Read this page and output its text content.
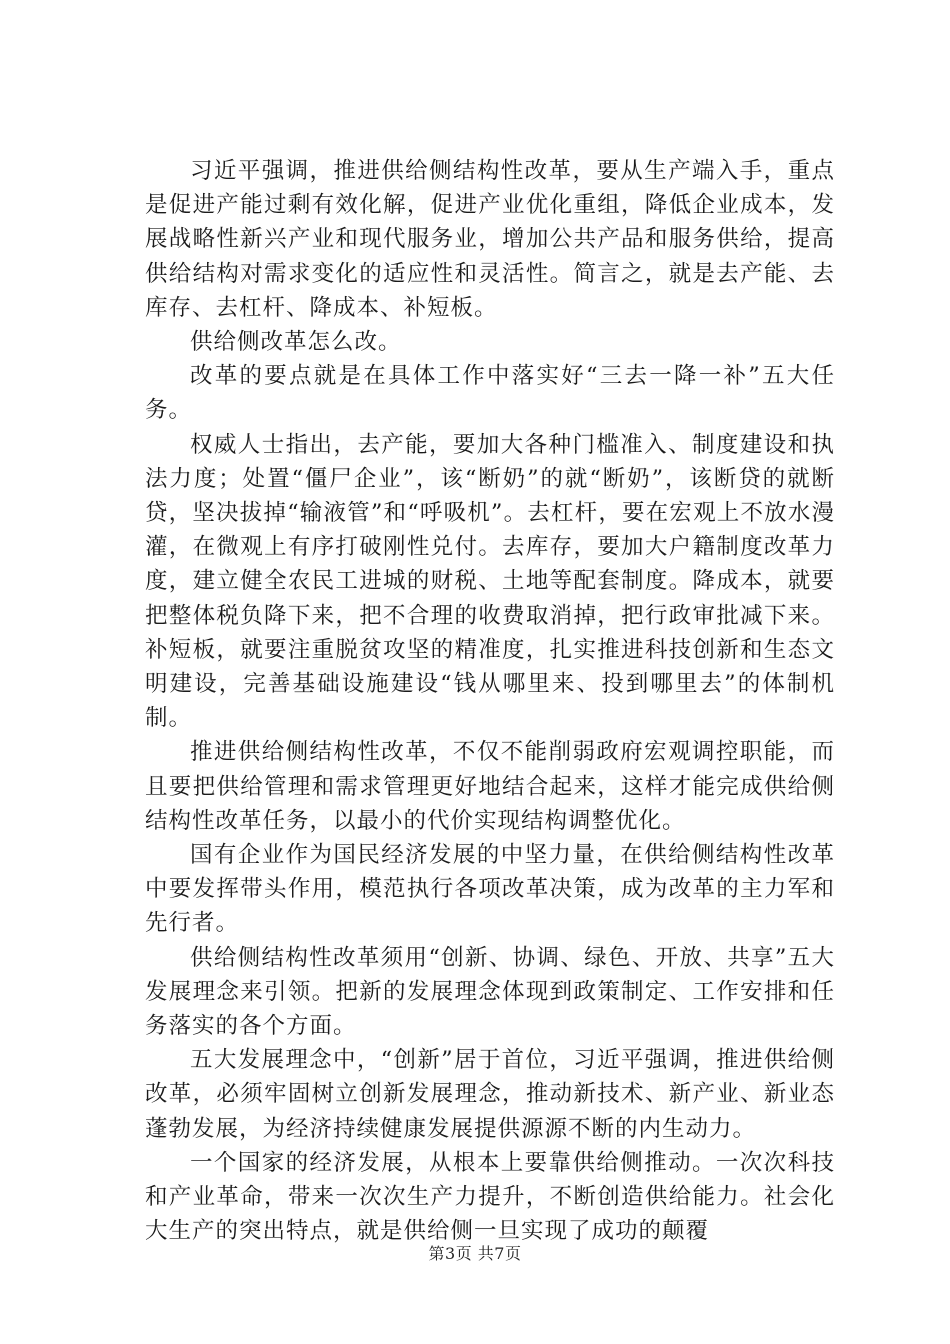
习近平强调，推进供给侧结构性改革，要从生产端入手，重点是促进产能过剩有效化解，促进产业优化重组，降低企业成本，发展战略性新兴产业和现代服务业，增加公共产品和服务供给，提高供给结构对需求变化的适应性和灵活性。简言之，就是去产能、去库存、去杠杆、降成本、补短板。

供给侧改革怎么改。

改革的要点就是在具体工作中落实好“三去一降一补”五大任务。

权威人士指出，去产能，要加大各种门槛准入、制度建设和执法力度；处置“僵尸企业”，该“断奶”的就“断奶”，该断贷的就断贷，坚决拔掉“输液管”和“呼吸机”。去杠杆，要在宏观上不放水漫灌，在微观上有序打破刚性兑付。去库存，要加大户籍制度改革力度，建立健全农民工进城的财税、土地等配套制度。降成本，就要把整体税负降下来，把不合理的收费取消掉，把行政审批减下来。补短板，就要注重脱贫攻坚的精准度，扎实推进科技创新和生态文明建设，完善基础设施建设“钱从哪里来、投到哪里去”的体制机制。

推进供给侧结构性改革，不仅不能削弱政府宏观调控职能，而且要把供给管理和需求管理更好地结合起来，这样才能完成供给侧结构性改革任务，以最小的代价实现结构调整优化。

国有企业作为国民经济发展的中坚力量，在供给侧结构性改革中要发挥带头作用，模范执行各项改革决策，成为改革的主力军和先行者。

供给侧结构性改革须用“创新、协调、绿色、开放、共享”五大发展理念来引领。把新的发展理念体现到政策制定、工作安排和任务落实的各个方面。

五大发展理念中，“创新”居于首位，习近平强调，推进供给侧改革，必须牢固树立创新发展理念，推动新技术、新产业、新业态蓬勃发展，为经济持续健康发展提供源源不断的内生动力。

一个国家的经济发展，从根本上要靠供给侧推动。一次次科技和产业革命，带来一次次生产力提升，不断创造供给能力。社会化大生产的突出特点，就是供给侧一旦实现了成功的颠覆

第3页 共7页
